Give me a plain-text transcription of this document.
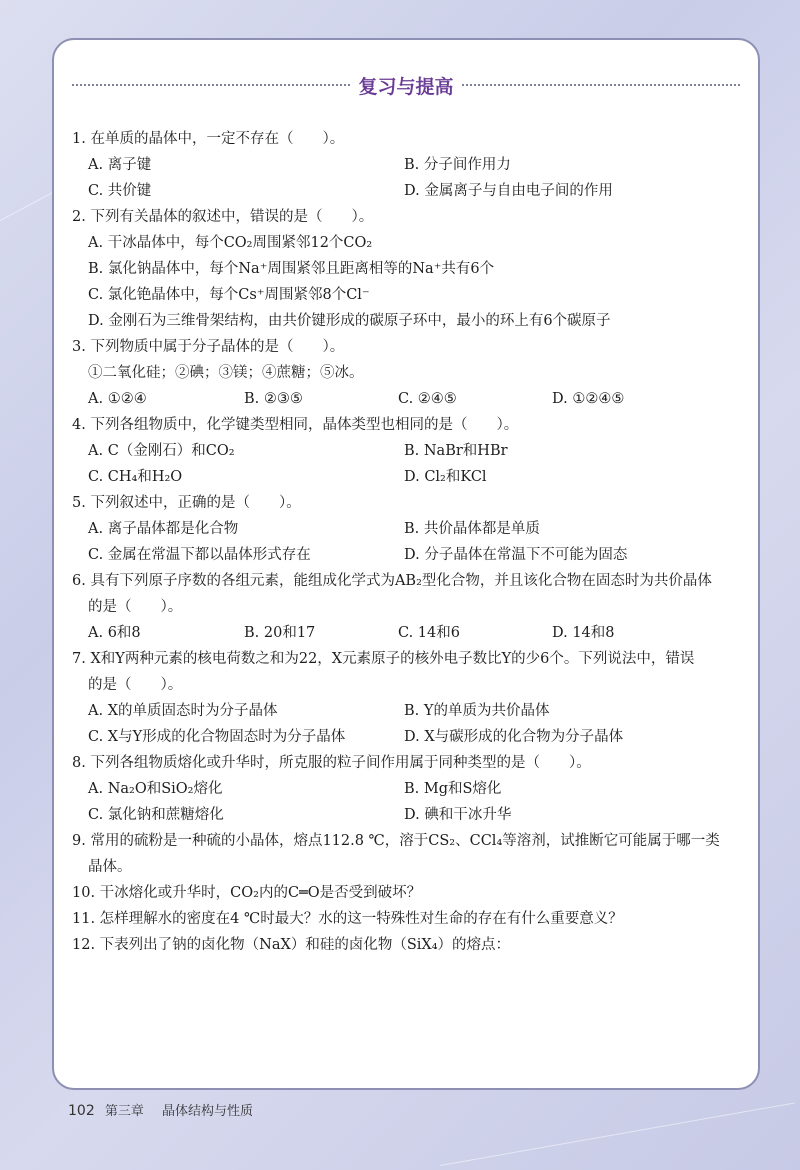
复习与提高
1. 在单质的晶体中，一定不存在（　　）。
A. 离子键	B. 分子间作用力
C. 共价键	D. 金属离子与自由电子间的作用
2. 下列有关晶体的叙述中，错误的是（　　）。
A. 干冰晶体中，每个CO₂周围紧邻12个CO₂
B. 氯化钠晶体中，每个Na⁺周围紧邻且距离相等的Na⁺共有6个
C. 氯化铯晶体中，每个Cs⁺周围紧邻8个Cl⁻
D. 金刚石为三维骨架结构，由共价键形成的碳原子环中，最小的环上有6个碳原子
3. 下列物质中属于分子晶体的是（　　）。
①二氧化硅；②碘；③镁；④蔗糖；⑤冰。
A. ①②④	B. ②③⑤	C. ②④⑤	D. ①②④⑤
4. 下列各组物质中，化学键类型相同，晶体类型也相同的是（　　）。
A. C（金刚石）和CO₂	B. NaBr和HBr
C. CH₄和H₂O	D. Cl₂和KCl
5. 下列叙述中，正确的是（　　）。
A. 离子晶体都是化合物	B. 共价晶体都是单质
C. 金属在常温下都以晶体形式存在	D. 分子晶体在常温下不可能为固态
6. 具有下列原子序数的各组元素，能组成化学式为AB₂型化合物，并且该化合物在固态时为共价晶体
的是（　　）。
A. 6和8	B. 20和17	C. 14和6	D. 14和8
7. X和Y两种元素的核电荷数之和为22，X元素原子的核外电子数比Y的少6个。下列说法中，错误
的是（　　）。
A. X的单质固态时为分子晶体	B. Y的单质为共价晶体
C. X与Y形成的化合物固态时为分子晶体	D. X与碳形成的化合物为分子晶体
8. 下列各组物质熔化或升华时，所克服的粒子间作用属于同种类型的是（　　）。
A. Na₂O和SiO₂熔化	B. Mg和S熔化
C. 氯化钠和蔗糖熔化	D. 碘和干冰升华
9. 常用的硫粉是一种硫的小晶体，熔点112.8 ℃，溶于CS₂、CCl₄等溶剂，试推断它可能属于哪一类
晶体。
10. 干冰熔化或升华时，CO₂内的C═O是否受到破坏？
11. 怎样理解水的密度在4 ℃时最大？水的这一特殊性对生命的存在有什么重要意义？
12. 下表列出了钠的卤化物（NaX）和硅的卤化物（SiX₄）的熔点：
102 第三章 晶体结构与性质
